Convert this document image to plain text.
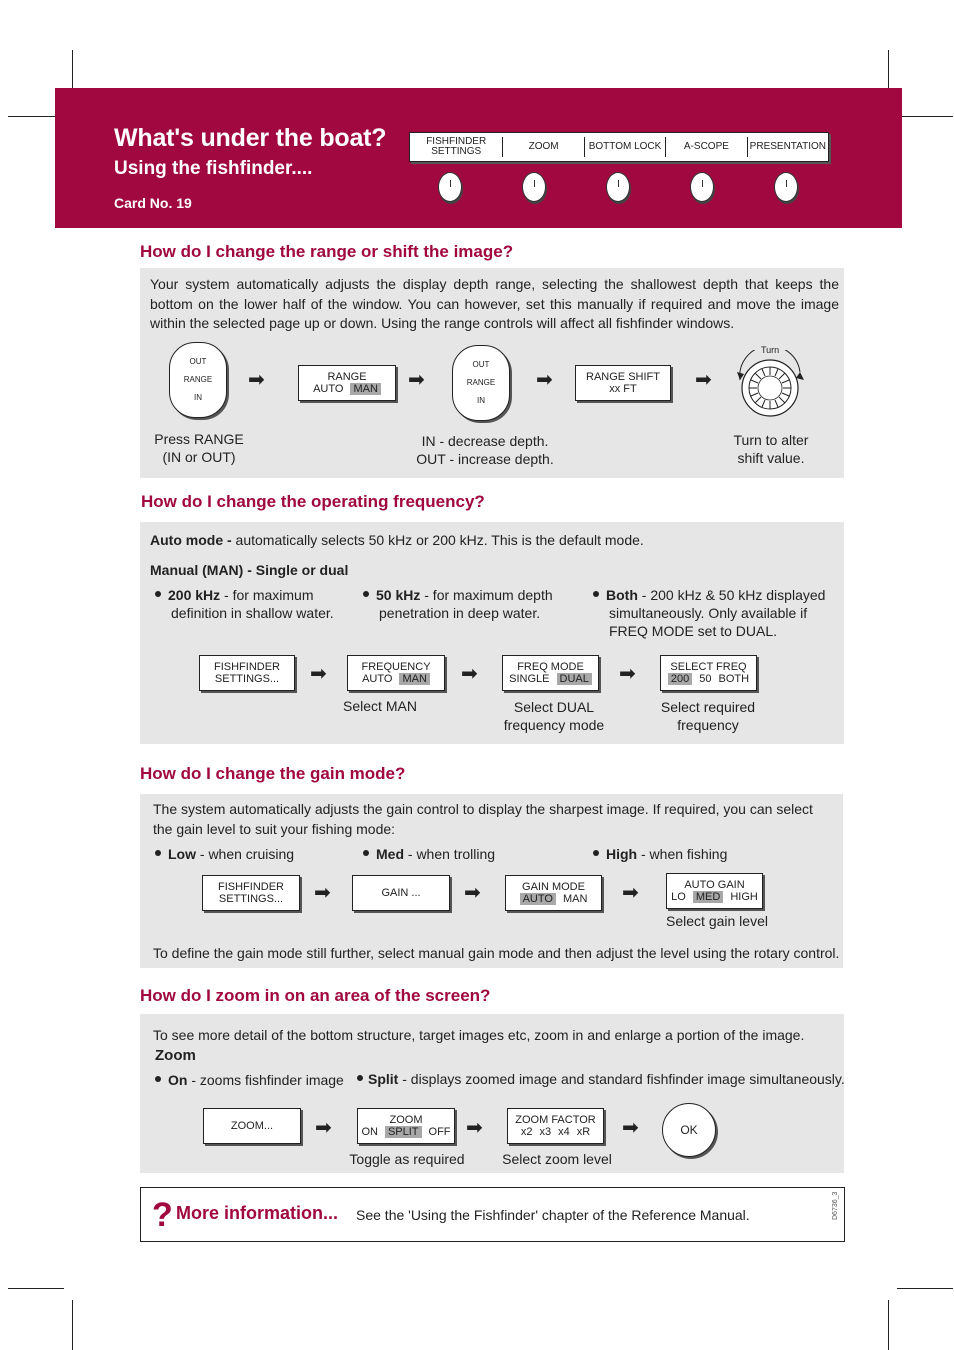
What's under the boat?
Using the fishfinder....
Card No. 19
FISHFINDER SETTINGS	ZOOM	BOTTOM LOCK	A-SCOPE	PRESENTATION
How do I change the range or shift the image?
Your system automatically adjusts the display depth range, selecting the shallowest depth that keeps the bottom on the lower half of the window. You can however, set this manually if required and move the image within the selected page up or down. Using the range controls will affect all fishfinder windows.
OUT
RANGE
IN
➡	RANGE
AUTO MAN ➡
OUT
RANGE
IN
➡	RANGE SHIFT
xx FT	➡
Turn
Press RANGE
(IN or OUT)
IN - decrease depth.
OUT - increase depth.
Turn to alter
shift value.
How do I change the operating frequency?
Auto mode - automatically selects 50 kHz or 200 kHz. This is the default mode.
Manual (MAN) - Single or dual
200 kHz - for maximum
definition in shallow water.
50 kHz - for maximum depth
penetration in deep water.
Both - 200 kHz & 50 kHz displayed
simultaneously. Only available if
FREQ MODE set to DUAL.
FISHFINDER
SETTINGS... ➡	FREQUENCY
AUTO MAN ➡	FREQ MODE
SINGLE DUAL ➡	SELECT FREQ
200 50 BOTH
Select MAN	Select DUAL
frequency mode
Select required
frequency
How do I change the gain mode?
The system automatically adjusts the gain control to display the sharpest image. If required, you can select
the gain level to suit your fishing mode:
Low - when cruising	Med - when trolling	High - when fishing
FISHFINDER
SETTINGS... ➡	GAIN ... ➡	GAIN MODE
AUTO MAN ➡	AUTO GAIN
LO MED HIGH
Select gain level
To define the gain mode still further, select manual gain mode and then adjust the level using the rotary control.
How do I zoom in on an area of the screen?
To see more detail of the bottom structure, target images etc, zoom in and enlarge a portion of the image.
Zoom
On - zooms fishfinder image	Split - displays zoomed image and standard fishfinder image simultaneously.
ZOOM... ➡	ZOOM
ON SPLIT OFF ➡	ZOOM FACTOR
x2 x3 x4 xR ➡	OK
Toggle as required	Select zoom level
? More information... See the 'Using the Fishfinder' chapter of the Reference Manual.	D6736_3
